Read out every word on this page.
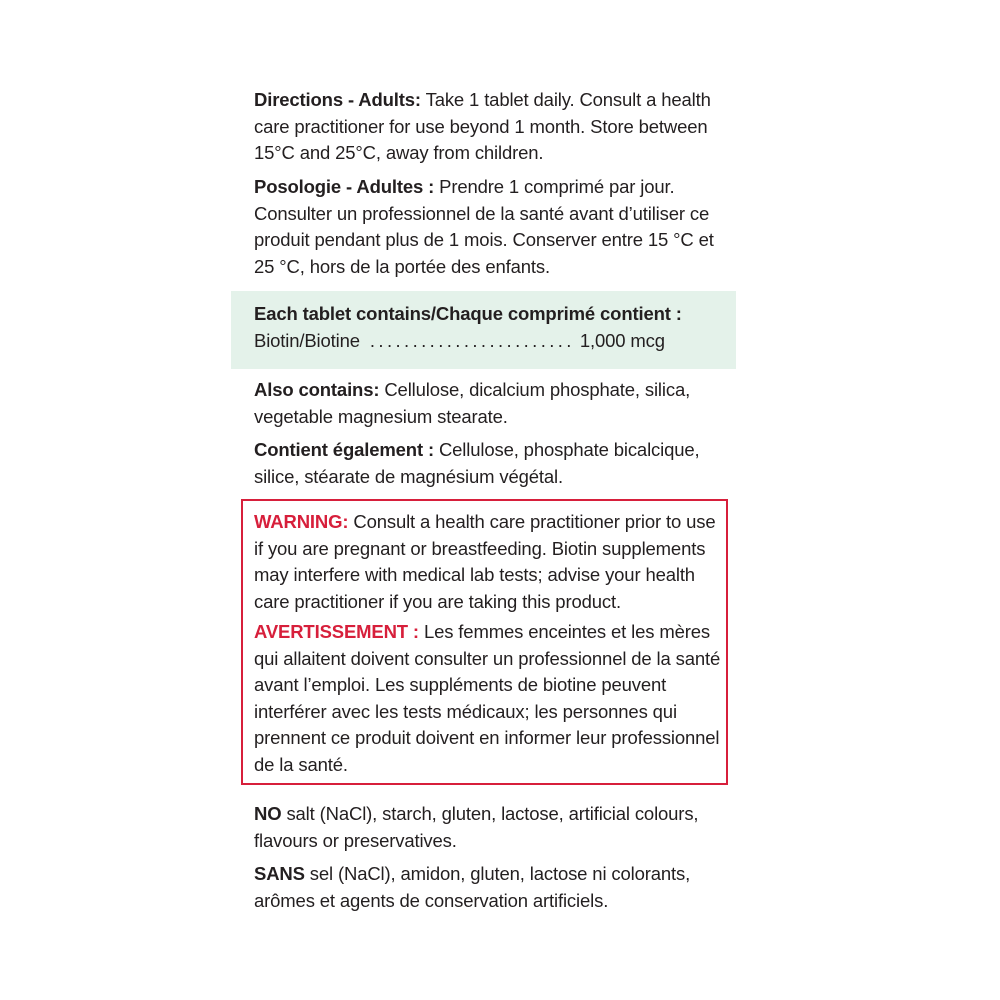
Directions - Adults: Take 1 tablet daily. Consult a health care practitioner for use beyond 1 month. Store between 15°C and 25°C, away from children.

Posologie - Adultes : Prendre 1 comprimé par jour. Consulter un professionnel de la santé avant d’utiliser ce produit pendant plus de 1 mois. Conserver entre 15 °C et 25 °C, hors de la portée des enfants.

Each tablet contains/Chaque comprimé contient :
Biotin/Biotine ........................ 1,000 mcg

Also contains: Cellulose, dicalcium phosphate, silica, vegetable magnesium stearate.

Contient également : Cellulose, phosphate bicalcique, silice, stéarate de magnésium végétal.

WARNING: Consult a health care practitioner prior to use if you are pregnant or breastfeeding. Biotin supplements may interfere with medical lab tests; advise your health care practitioner if you are taking this product.

AVERTISSEMENT : Les femmes enceintes et les mères qui allaitent doivent consulter un professionnel de la santé avant l’emploi. Les suppléments de biotine peuvent interférer avec les tests médicaux; les personnes qui prennent ce produit doivent en informer leur professionnel de la santé.

NO salt (NaCl), starch, gluten, lactose, artificial colours, flavours or preservatives.

SANS sel (NaCl), amidon, gluten, lactose ni colorants, arômes et agents de conservation artificiels.
